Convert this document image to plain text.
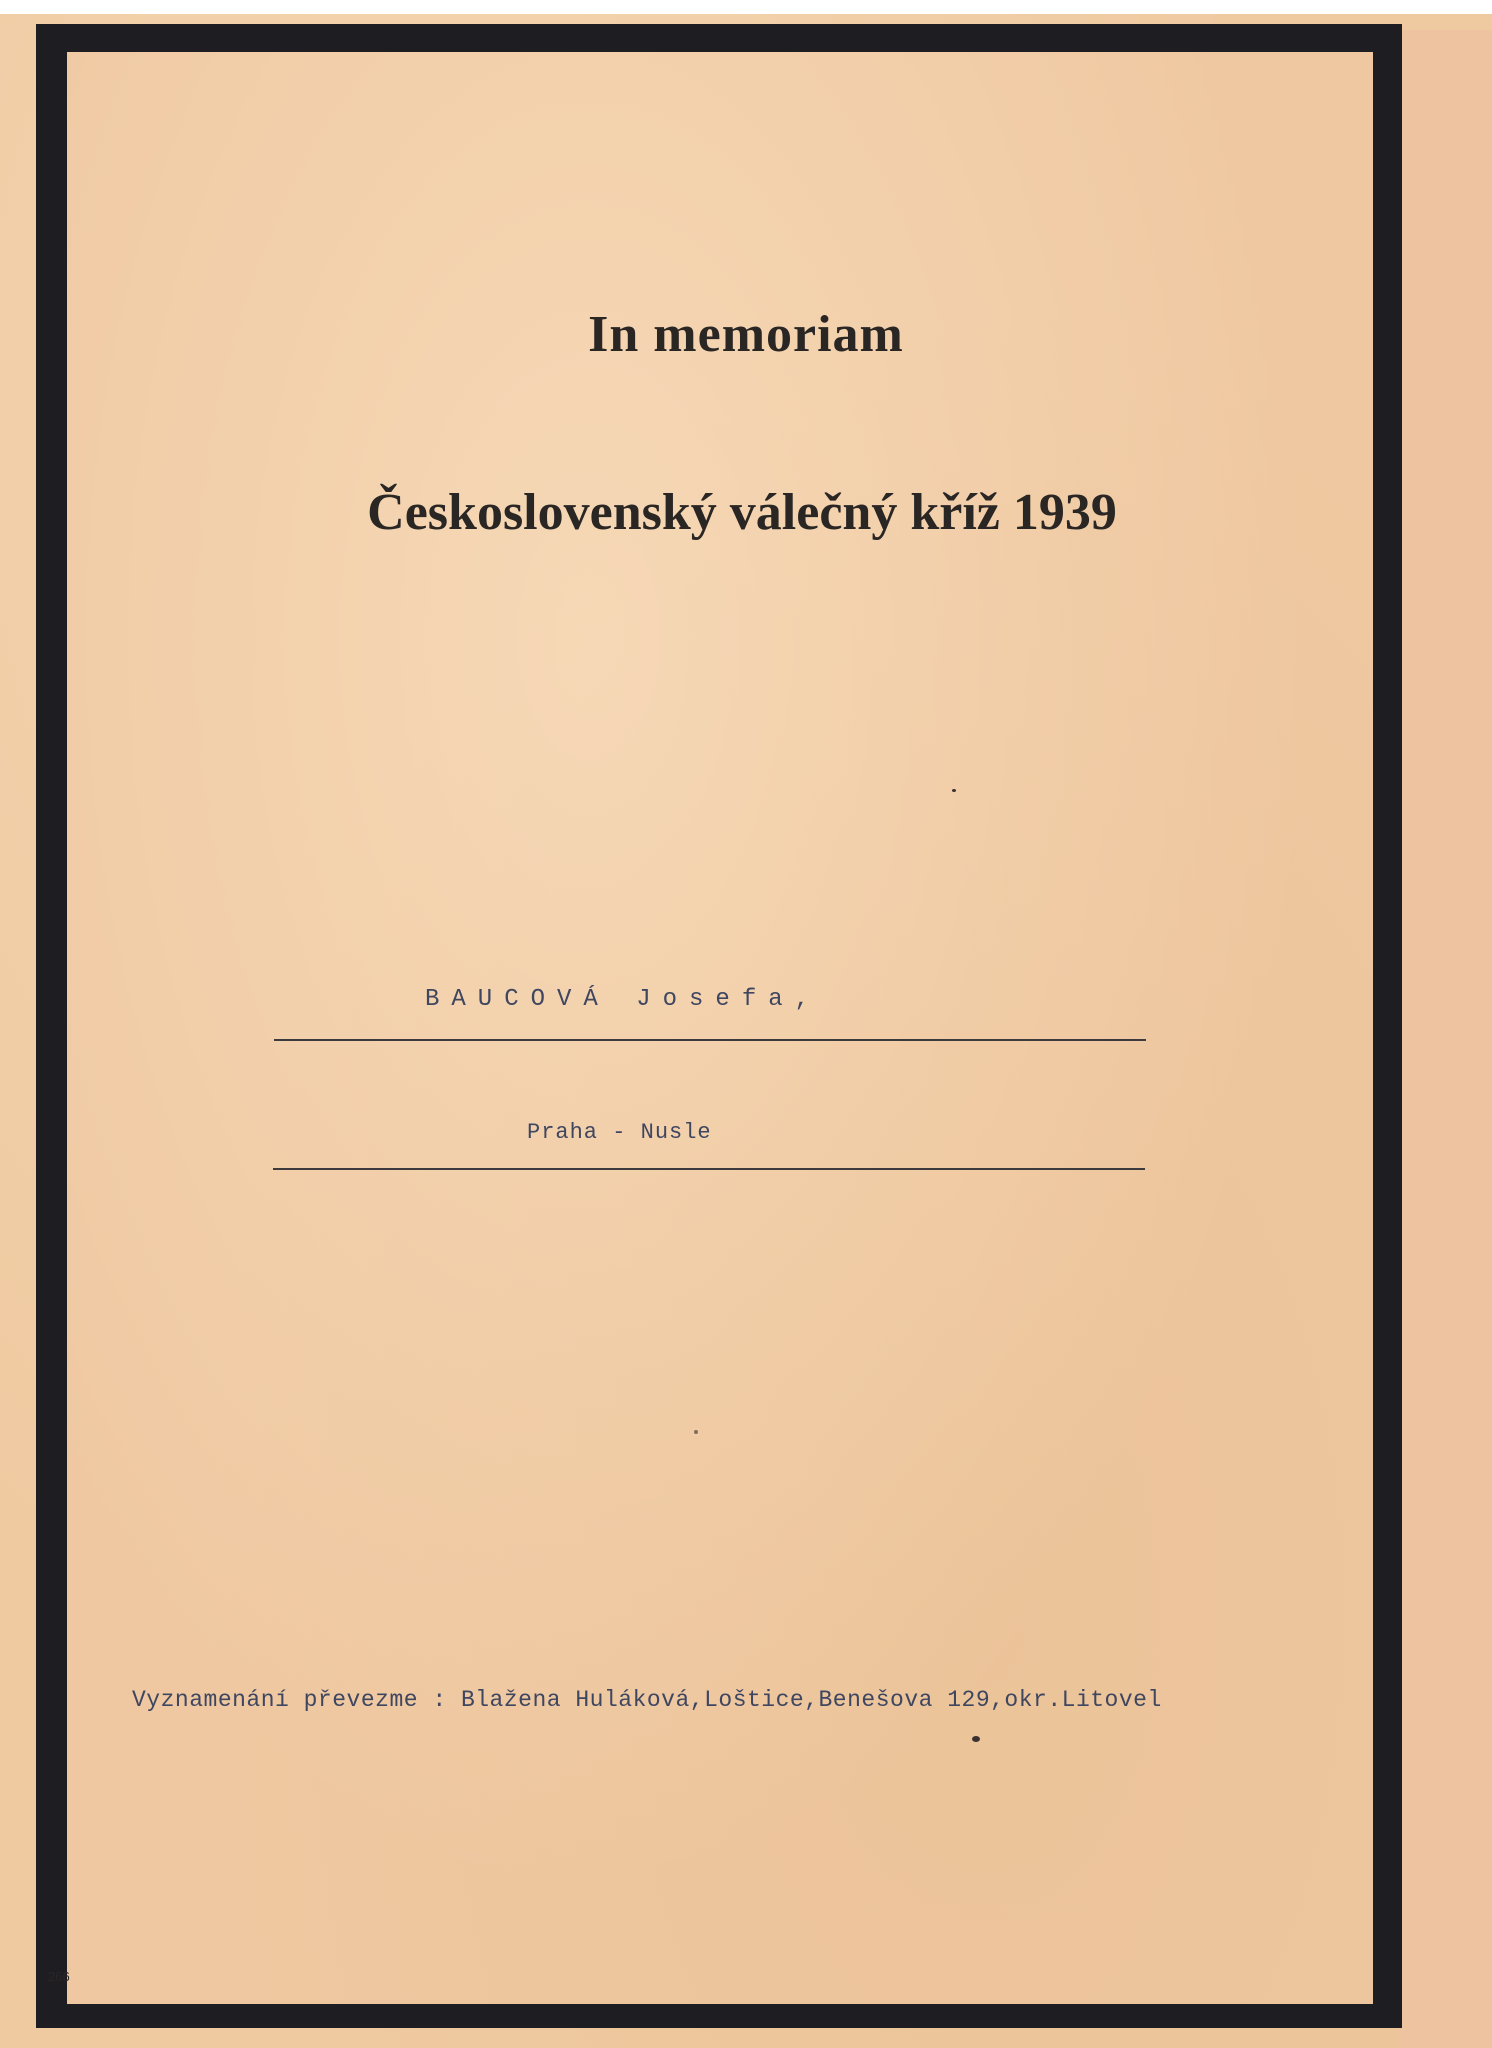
In memoriam
Československý válečný kříž 1939

BAUCOVÁ Josefa,

Praha - Nusle

Vyznamenání převezme : Blažena Huláková,Loštice,Benešova 129,okr.Litovel

266
